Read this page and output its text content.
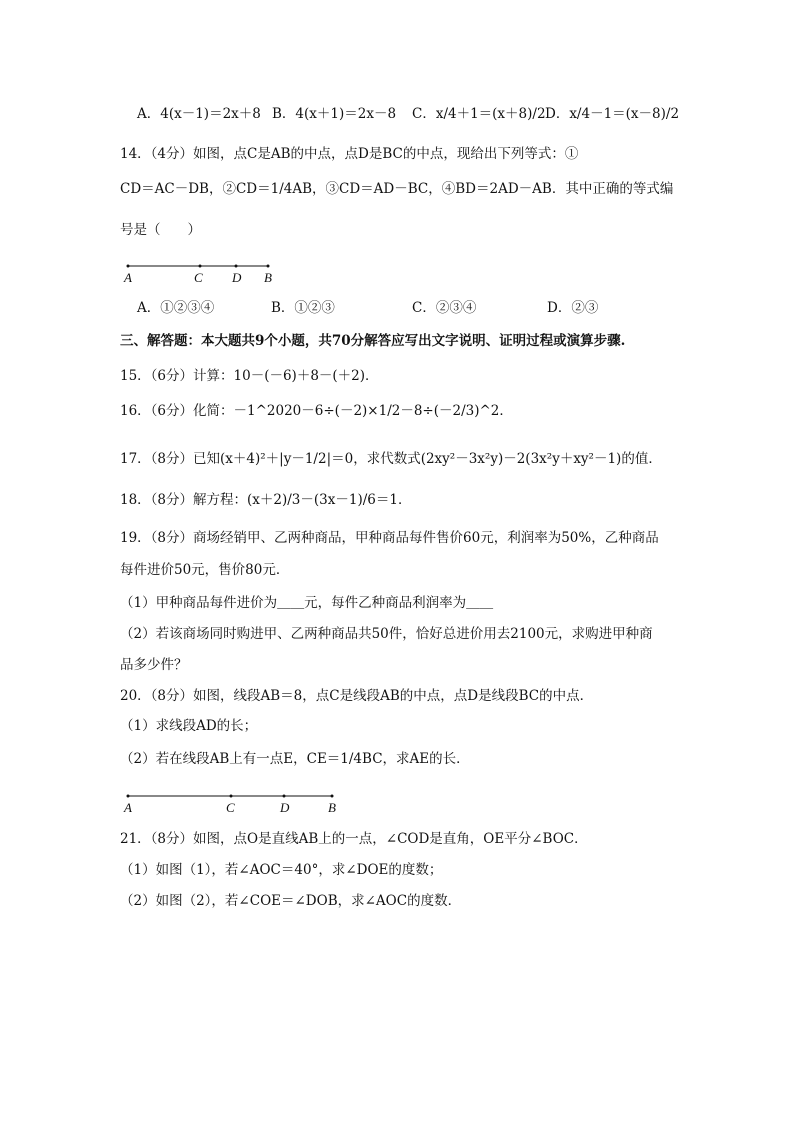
A．4(x－1)＝2x＋8 B．4(x＋1)＝2x－8 C．x/4＋1＝(x＋8)/2 D．x/4－1＝(x－8)/2
14．（4分）如图，点C是AB的中点，点D是BC的中点，现给出下列等式：①
CD＝AC－DB，②CD＝1/4AB，③CD＝AD－BC，④BD＝2AD－AB．其中正确的等式编
号是（　　）
A	C D B
A．①②③④	B．①②③	C．②③④	D．②③
三、解答题：本大题共9个小题，共70分解答应写出文字说明、证明过程或演算步骤.
15．（6分）计算：10－(－6)＋8－(＋2)．
16．（6分）化简：－1^2020－6÷(－2)×1/2－8÷(－2/3)^2．
17．（8分）已知(x＋4)²＋|y－1/2|＝0，求代数式(2xy²－3x²y)－2(3x²y＋xy²－1)的值．
18．（8分）解方程：(x＋2)/3－(3x－1)/6＝1．
19．（8分）商场经销甲、乙两种商品，甲种商品每件售价60元，利润率为50%，乙种商品
每件进价50元，售价80元．
（1）甲种商品每件进价为＿＿元，每件乙种商品利润率为＿＿
（2）若该商场同时购进甲、乙两种商品共50件，恰好总进价用去2100元，求购进甲种商
品多少件？
20．（8分）如图，线段AB＝8，点C是线段AB的中点，点D是线段BC的中点．
（1）求线段AD的长；
（2）若在线段AB上有一点E，CE＝1/4BC，求AE的长．
A	C	D	B
21．（8分）如图，点O是直线AB上的一点，∠COD是直角，OE平分∠BOC．
（1）如图（1），若∠AOC＝40°，求∠DOE的度数；
（2）如图（2），若∠COE＝∠DOB，求∠AOC的度数．
